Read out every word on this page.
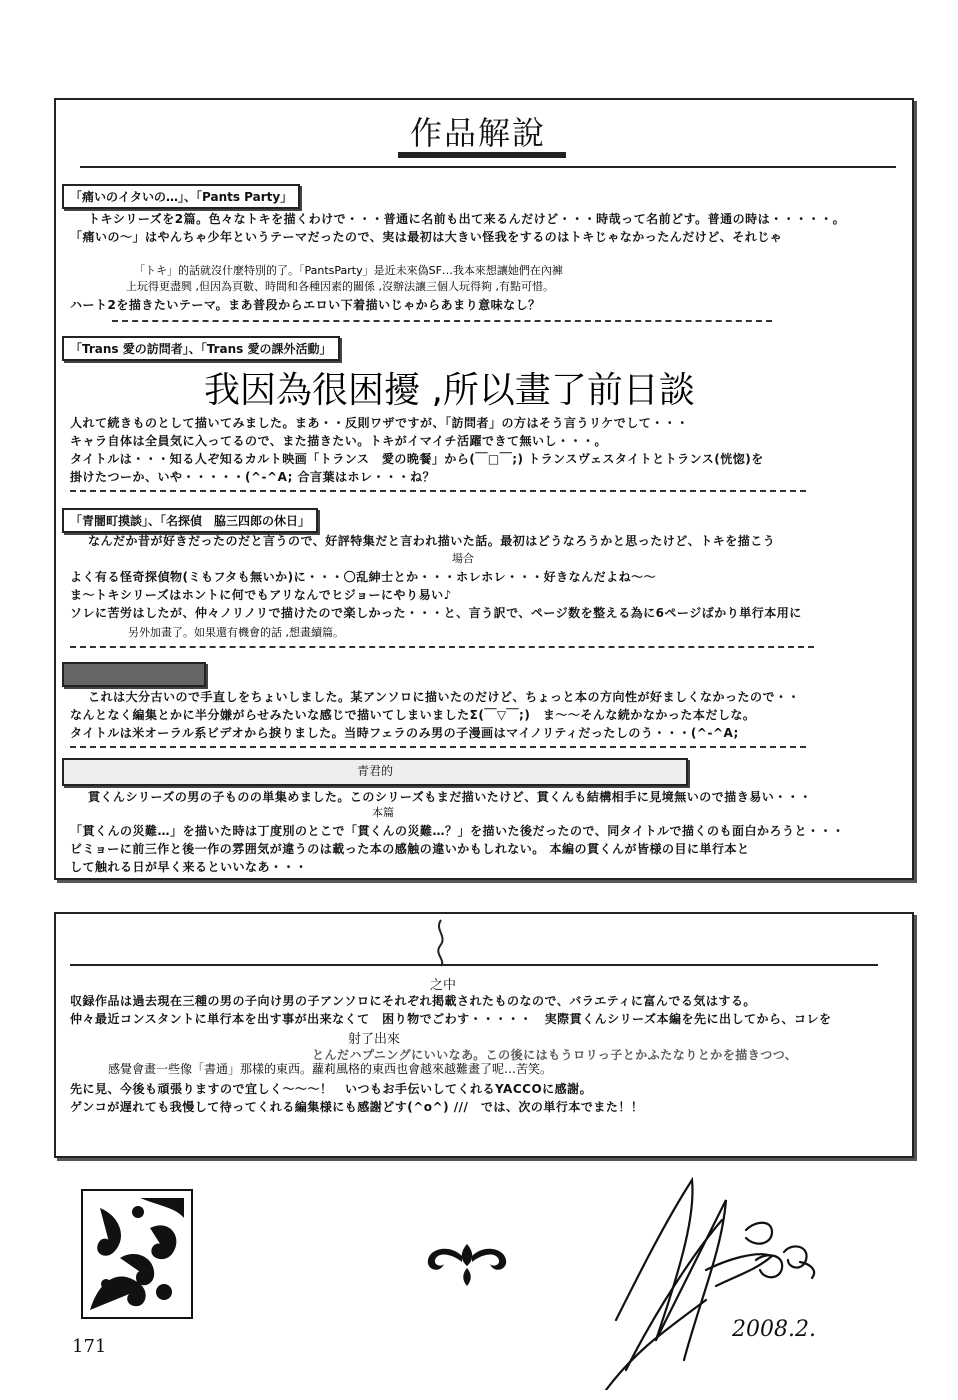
作品解說
「痛いのイタいの…」、「Pants Party」
トキシリーズを2篇。色々なトキを描くわけで・・・普通に名前も出て来るんだけど・・・時哉って名前どす。普通の時は・・・・・。
「痛いの～」はやんちゃ少年というテーマだったので、実は最初は大きい怪我をするのはトキじゃなかったんだけど、それじゃ
「トキ」的話就沒什麼特別的了。「PantsParty」是近未來偽SF…我本來想讓她們在內褲
上玩得更盡興 ,但因為頁數、時間和各種因素的關係 ,沒辦法讓三個人玩得夠 ,有點可惜。
ハート2を描きたいテーマ。まあ普段からエロい下着描いじゃからあまり意味なし？
「Trans 愛の訪問者」、「Trans 愛の課外活動」
我因為很困擾 ,所以畫了前日談
人れて続きものとして描いてみました。まあ・・反則ワザですが、「訪問者」の方はそう言うリケでして・・・
キャラ自体は全員気に入ってるので、また描きたい。トキがイマイチ活躍できて無いし・・・。
タイトルは・・・知る人ぞ知るカルト映画「トランス　愛の晩餐」から(￣□￣;) トランスヴェスタイトとトランス(恍惚)を
掛けたつーか、いや・・・・・(^-^A; 合言葉はホレ・・・ね？
「青闇町摸談」、「名探偵　脇三四郎の休日」
なんだか昔が好きだったのだと言うので、好評特集だと言われ描いた話。最初はどうなろうかと思ったけど、トキを描こう
場合
よく有る怪奇探偵物(ミもフタも無いか)に・・・〇乱紳士とか・・・ホレホレ・・・好きなんだよね～～
ま～トキシリーズはホントに何でもアリなんでヒジョーにやり易い♪
ソレに苦労はしたが、仲々ノリノリで描けたので楽しかった・・・と、言う訳で、ページ数を整える為に6ページばかり単行本用に
另外加畫了。如果還有機會的話 ,想畫續篇。
これは大分古いので手直しをちょいしました。某アンソロに描いたのだけど、ちょっと本の方向性が好ましくなかったので・・
なんとなく編集とかに半分嫌がらせみたいな感じで描いてしまいましたΣ(￣▽￣;)　ま～～そんな続かなかった本だしな。
タイトルは米オーラル系ビデオから捩りました。当時フェラのみ男の子漫画はマイノリティだったしのう・・・(^-^A;
青君的
貫くんシリーズの男の子ものの単集めました。このシリーズもまだ描いたけど、貫くんも結構相手に見境無いので描き易い・・・
本篇
「貫くんの災難…」を描いた時は丁度別のとこで「貫くんの災難…？」を描いた後だったので、同タイトルで描くのも面白かろうと・・・
ビミョーに前三作と後一作の雰囲気が違うのは載った本の感触の違いかもしれない。 本編の貫くんが皆様の目に単行本と
して触れる日が早く来るといいなあ・・・
之中
収録作品は過去現在三種の男の子向け男の子アンソロにそれぞれ掲載されたものなので、バラエティに富んでる気はする。
仲々最近コンスタントに単行本を出す事が出来なくて　困り物でごわす・・・・・　実際貫くんシリーズ本編を先に出してから、コレを
射了出來
とんだハプニングにいいなあ。この後にはもうロリっ子とかふたなりとかを描きつつ、
感覺會畫一些像「書通」那樣的東西。蘿莉風格的東西也會越來越難畫了呢…苦笑。
先に見、今後も頑張りますので宜しく～～～！　いつもお手伝いしてくれるYACCOに感謝。
ゲンコが遅れても我慢して待ってくれる編集様にも感謝どす(^o^) ///　では、次の単行本でまた！！
2008.2.
171
